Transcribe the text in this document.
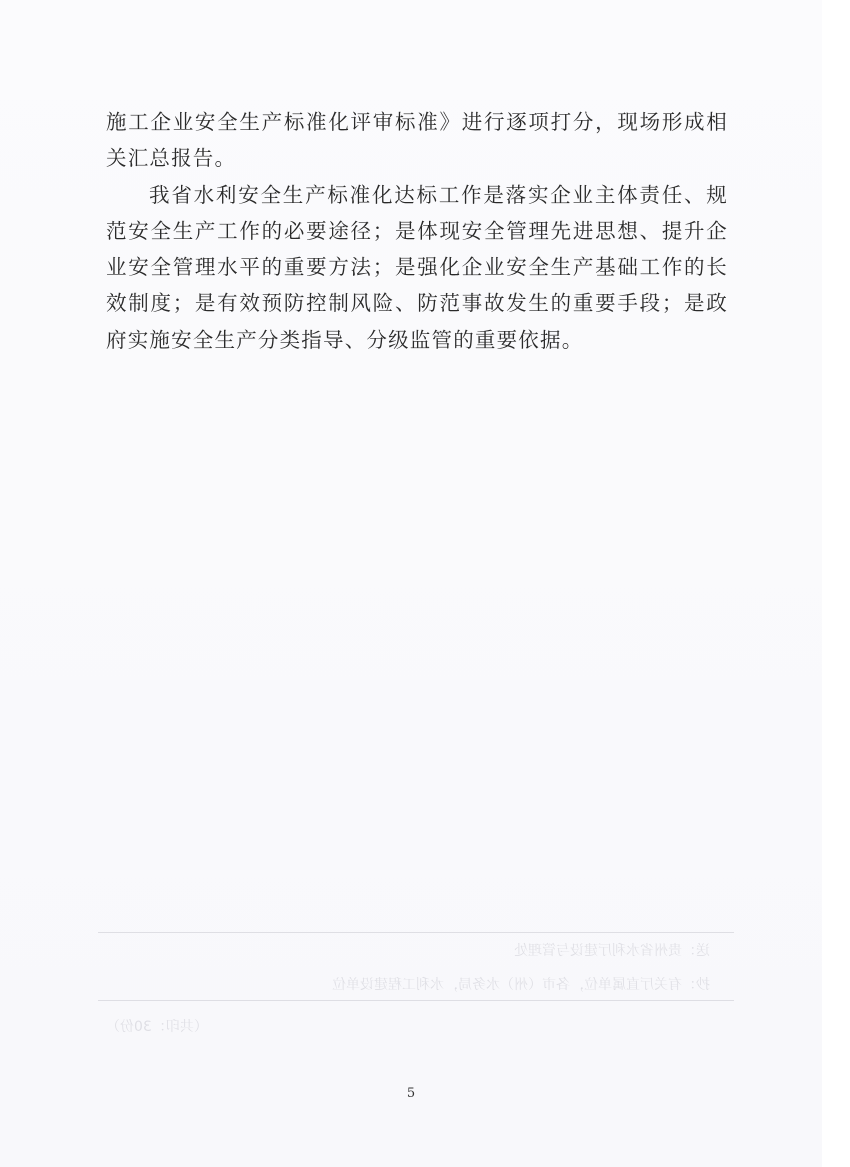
施工企业安全生产标准化评审标准》进行逐项打分，现场形成相关汇总报告。

我省水利安全生产标准化达标工作是落实企业主体责任、规范安全生产工作的必要途径；是体现安全管理先进思想、提升企业安全管理水平的重要方法；是强化企业安全生产基础工作的长效制度；是有效预防控制风险、防范事故发生的重要手段；是政府实施安全生产分类指导、分级监管的重要依据。

送：贵州省水利厅建设与管理处
抄：有关厅直属单位，各市（州）水务局，水利工程建设单位
（共印：30份）
5
